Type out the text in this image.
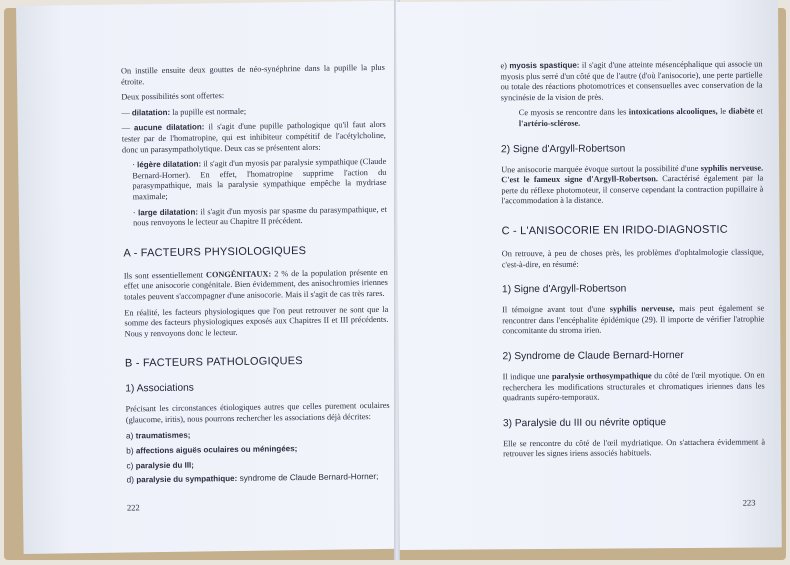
On instille ensuite deux gouttes de néo-synéphrine dans la pupille la plus étroite.

Deux possibilités sont offertes:

— dilatation: la pupille est normale;

— aucune dilatation: il s'agit d'une pupille pathologique qu'il faut alors tester par de l'homatropine, qui est inhibiteur compétitif de l'acétylcholine, donc un parasympatholytique. Deux cas se présentent alors:

· légère dilatation: il s'agit d'un myosis par paralysie sympathique (Claude Bernard-Horner). En effet, l'homatropine supprime l'action du parasympathique, mais la paralysie sympathique empêche la mydriase maximale;

· large dilatation: il s'agit d'un myosis par spasme du parasympathique, et nous renvoyons le lecteur au Chapitre II précédent.

A - FACTEURS PHYSIOLOGIQUES

Ils sont essentiellement CONGÉNITAUX: 2 % de la population présente en effet une anisocorie congénitale. Bien évidemment, des anisochromies iriennes totales peuvent s'accompagner d'une anisocorie. Mais il s'agit de cas très rares.

En réalité, les facteurs physiologiques que l'on peut retrouver ne sont que la somme des facteurs physiologiques exposés aux Chapitres II et III précédents. Nous y renvoyons donc le lecteur.

B - FACTEURS PATHOLOGIQUES
1) Associations

Précisant les circonstances étiologiques autres que celles purement oculaires (glaucome, iritis), nous pourrons rechercher les associations déjà décrites:

a) traumatismes;

b) affections aiguës oculaires ou méningées;

c) paralysie du III;

d) paralysie du sympathique: syndrome de Claude Bernard-Horner;

222

e) myosis spastique: il s'agit d'une atteinte mésencéphalique qui associe un myosis plus serré d'un côté que de l'autre (d'où l'anisocorie), une perte partielle ou totale des réactions photomotrices et consensuelles avec conservation de la syncinésie de la vision de près.

Ce myosis se rencontre dans les intoxications alcooliques, le diabète et l'artério-sclérose.

2) Signe d'Argyll-Robertson

Une anisocorie marquée évoque surtout la possibilité d'une syphilis nerveuse. C'est le fameux signe d'Argyll-Robertson. Caractérisé également par la perte du réflexe photomoteur, il conserve cependant la contraction pupillaire à l'accommodation à la distance.

C - L'ANISOCORIE EN IRIDO-DIAGNOSTIC

On retrouve, à peu de choses près, les problèmes d'ophtalmologie classique, c'est-à-dire, en résumé:

1) Signe d'Argyll-Robertson

Il témoigne avant tout d'une syphilis nerveuse, mais peut également se rencontrer dans l'encéphalite épidémique (29). Il importe de vérifier l'atrophie concomitante du stroma irien.

2) Syndrome de Claude Bernard-Horner

Il indique une paralysie orthosympathique du côté de l'œil myotique. On en recherchera les modifications structurales et chromatiques iriennes dans les quadrants supéro-temporaux.

3) Paralysie du III ou névrite optique

Elle se rencontre du côté de l'œil mydriatique. On s'attachera évidemment à retrouver les signes iriens associés habituels.

223
